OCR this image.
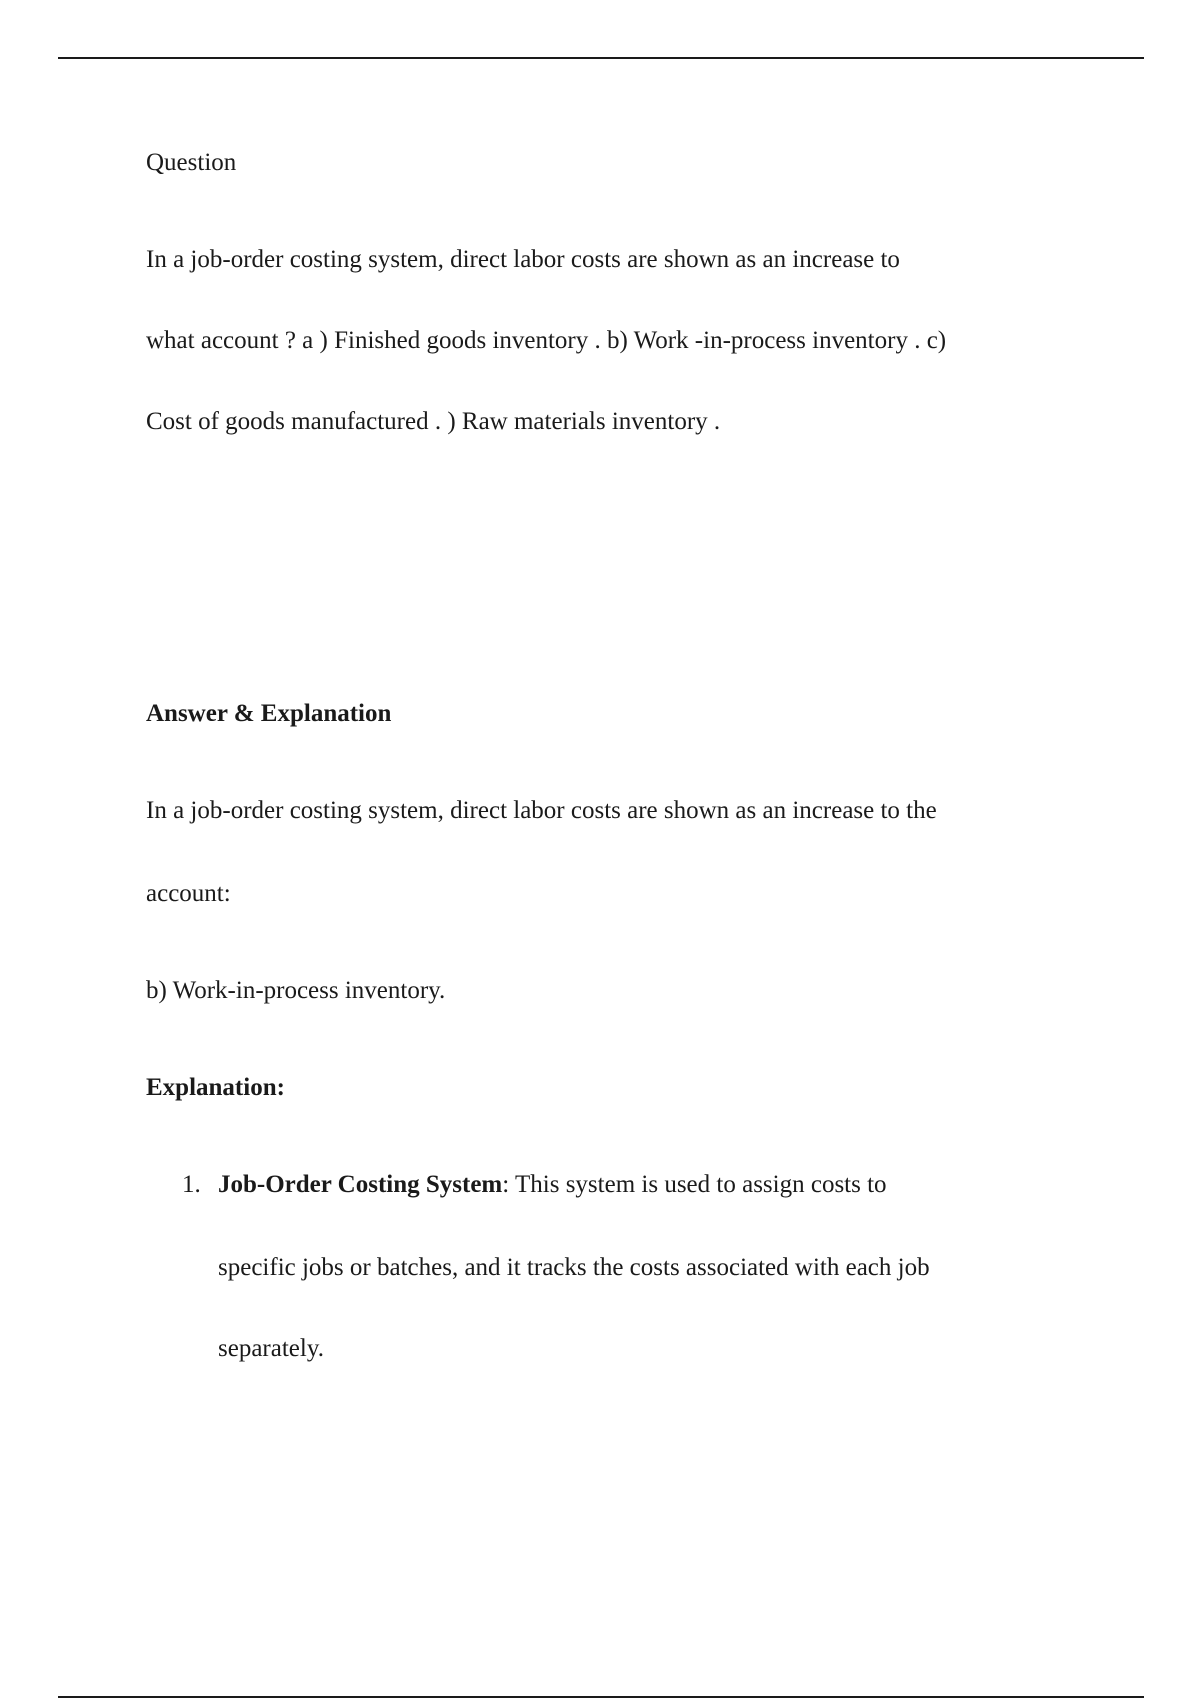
Question
In a job-order costing system, direct labor costs are shown as an increase to
what account ? a ) Finished goods inventory . b) Work -in-process inventory . c)
Cost of goods manufactured . ) Raw materials inventory .
Answer & Explanation
In a job-order costing system, direct labor costs are shown as an increase to the
account:
b) Work-in-process inventory.
Explanation:
1. Job-Order Costing System: This system is used to assign costs to
specific jobs or batches, and it tracks the costs associated with each job
separately.
